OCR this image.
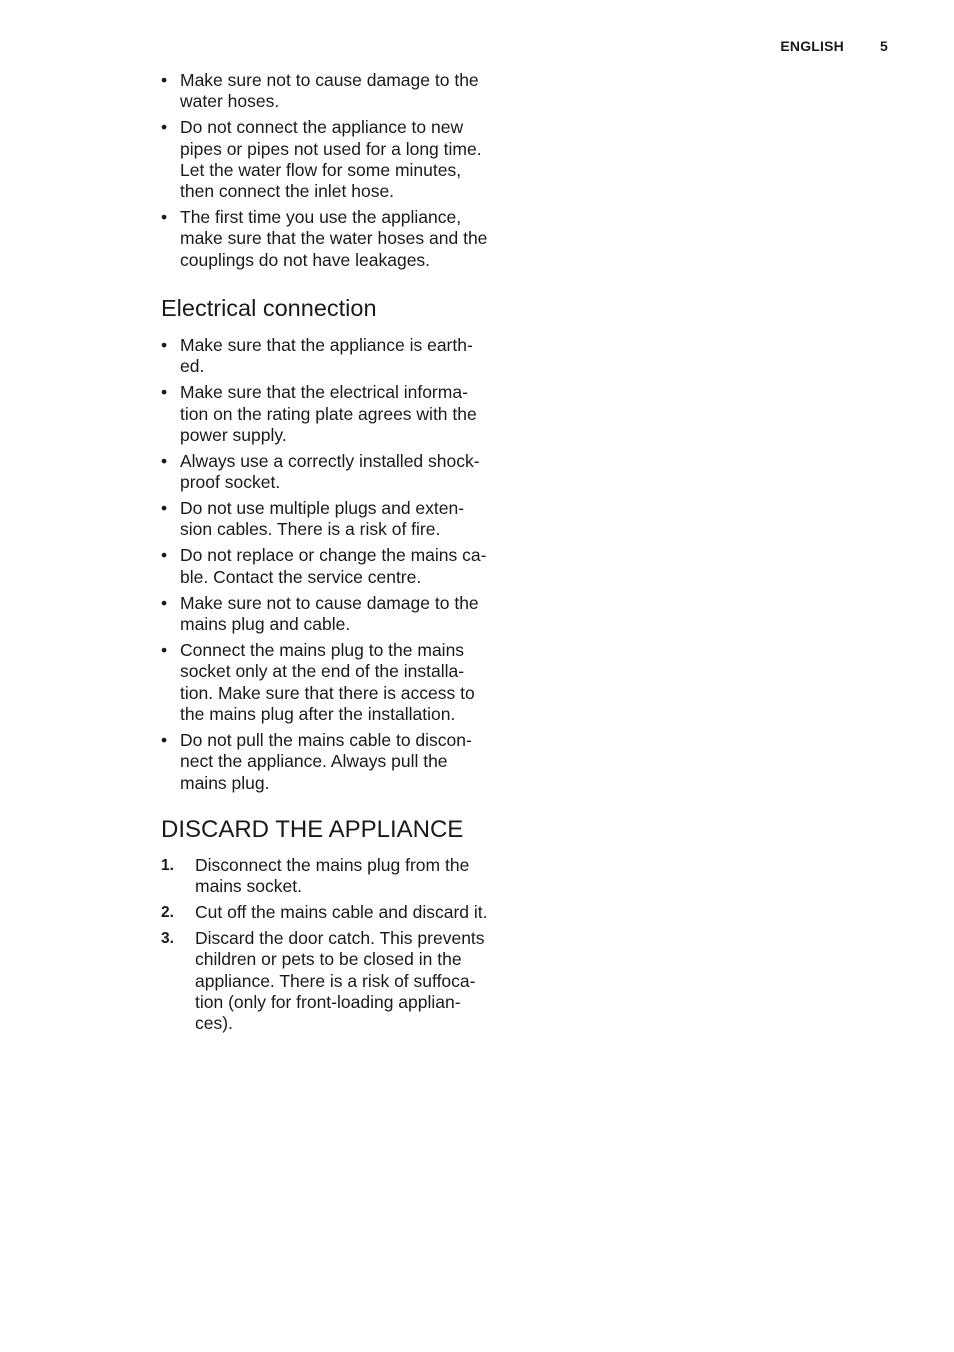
ENGLISH	5
• Make sure not to cause damage to the
water hoses.
• Do not connect the appliance to new
pipes or pipes not used for a long time.
Let the water flow for some minutes,
then connect the inlet hose.
• The first time you use the appliance,
make sure that the water hoses and the
couplings do not have leakages.
Electrical connection
• Make sure that the appliance is earth-
ed.
• Make sure that the electrical informa-
tion on the rating plate agrees with the
power supply.
• Always use a correctly installed shock-
proof socket.
• Do not use multiple plugs and exten-
sion cables. There is a risk of fire.
• Do not replace or change the mains ca-
ble. Contact the service centre.
• Make sure not to cause damage to the
mains plug and cable.
• Connect the mains plug to the mains
socket only at the end of the installa-
tion. Make sure that there is access to
the mains plug after the installation.
• Do not pull the mains cable to discon-
nect the appliance. Always pull the
mains plug.
DISCARD THE APPLIANCE
1. Disconnect the mains plug from the
mains socket.
2. Cut off the mains cable and discard it.
3. Discard the door catch. This prevents
children or pets to be closed in the
appliance. There is a risk of suffoca-
tion (only for front-loading applian-
ces).
